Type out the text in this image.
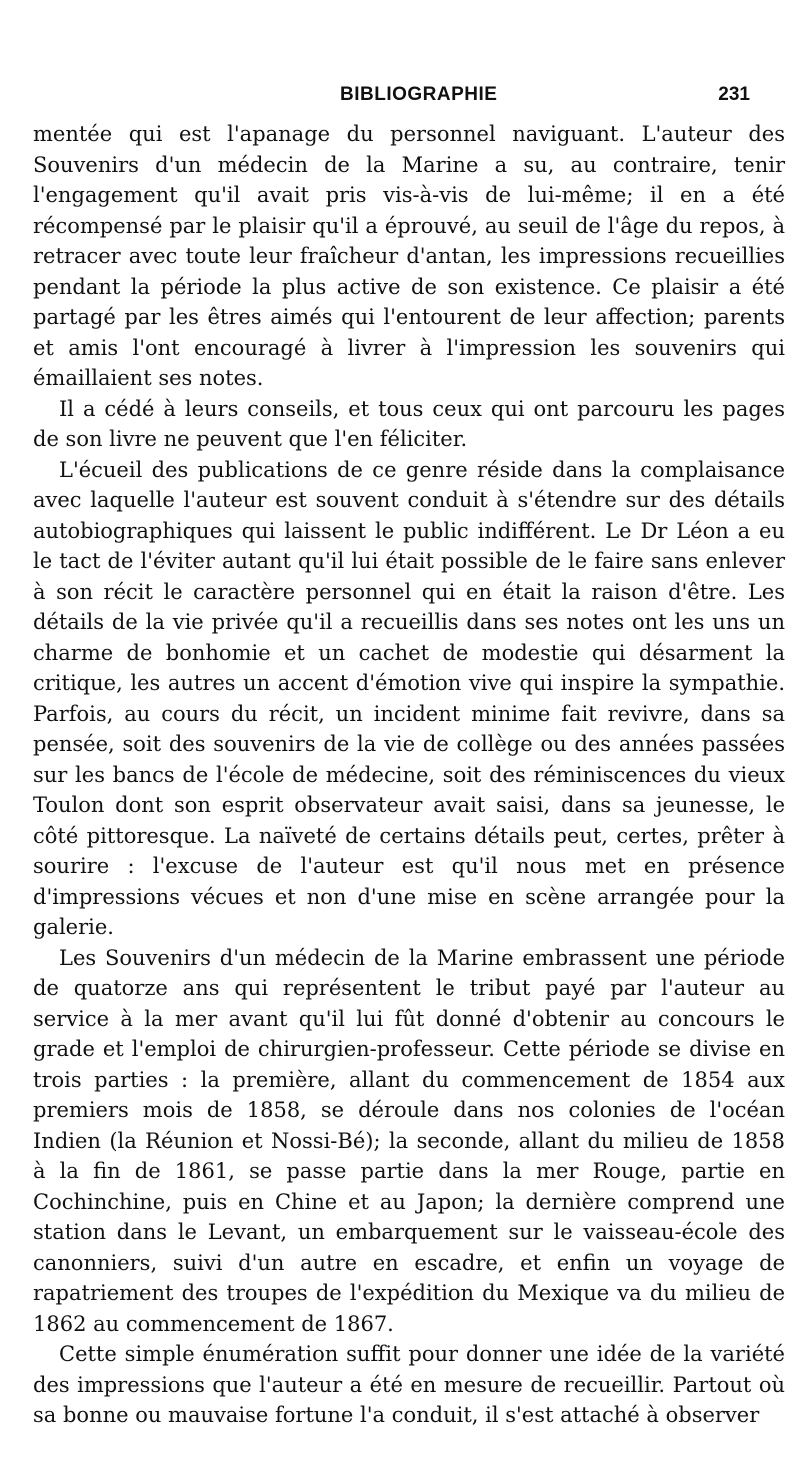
BIBLIOGRAPHIE	231

mentée qui est l'apanage du personnel naviguant. L'auteur des Souvenirs d'un médecin de la Marine a su, au contraire, tenir l'engagement qu'il avait pris vis-à-vis de lui-même; il en a été récompensé par le plaisir qu'il a éprouvé, au seuil de l'âge du repos, à retracer avec toute leur fraîcheur d'antan, les impressions recueillies pendant la période la plus active de son existence. Ce plaisir a été partagé par les êtres aimés qui l'entourent de leur affection; parents et amis l'ont encouragé à livrer à l'impression les souvenirs qui émaillaient ses notes.

Il a cédé à leurs conseils, et tous ceux qui ont parcouru les pages de son livre ne peuvent que l'en féliciter.

L'écueil des publications de ce genre réside dans la complaisance avec laquelle l'auteur est souvent conduit à s'étendre sur des détails autobiographiques qui laissent le public indifférent. Le Dr Léon a eu le tact de l'éviter autant qu'il lui était possible de le faire sans enlever à son récit le caractère personnel qui en était la raison d'être. Les détails de la vie privée qu'il a recueillis dans ses notes ont les uns un charme de bonhomie et un cachet de modestie qui désarment la critique, les autres un accent d'émotion vive qui inspire la sympathie. Parfois, au cours du récit, un incident minime fait revivre, dans sa pensée, soit des souvenirs de la vie de collège ou des années passées sur les bancs de l'école de médecine, soit des réminiscences du vieux Toulon dont son esprit observateur avait saisi, dans sa jeunesse, le côté pittoresque. La naïveté de certains détails peut, certes, prêter à sourire : l'excuse de l'auteur est qu'il nous met en présence d'impressions vécues et non d'une mise en scène arrangée pour la galerie.

Les Souvenirs d'un médecin de la Marine embrassent une période de quatorze ans qui représentent le tribut payé par l'auteur au service à la mer avant qu'il lui fût donné d'obtenir au concours le grade et l'emploi de chirurgien-professeur. Cette période se divise en trois parties : la première, allant du commencement de 1854 aux premiers mois de 1858, se déroule dans nos colonies de l'océan Indien (la Réunion et Nossi-Bé); la seconde, allant du milieu de 1858 à la fin de 1861, se passe partie dans la mer Rouge, partie en Cochinchine, puis en Chine et au Japon; la dernière comprend une station dans le Levant, un embarquement sur le vaisseau-école des canonniers, suivi d'un autre en escadre, et enfin un voyage de rapatriement des troupes de l'expédition du Mexique va du milieu de 1862 au commencement de 1867.

Cette simple énumération suffit pour donner une idée de la variété des impressions que l'auteur a été en mesure de recueillir. Partout où sa bonne ou mauvaise fortune l'a conduit, il s'est attaché à observer
